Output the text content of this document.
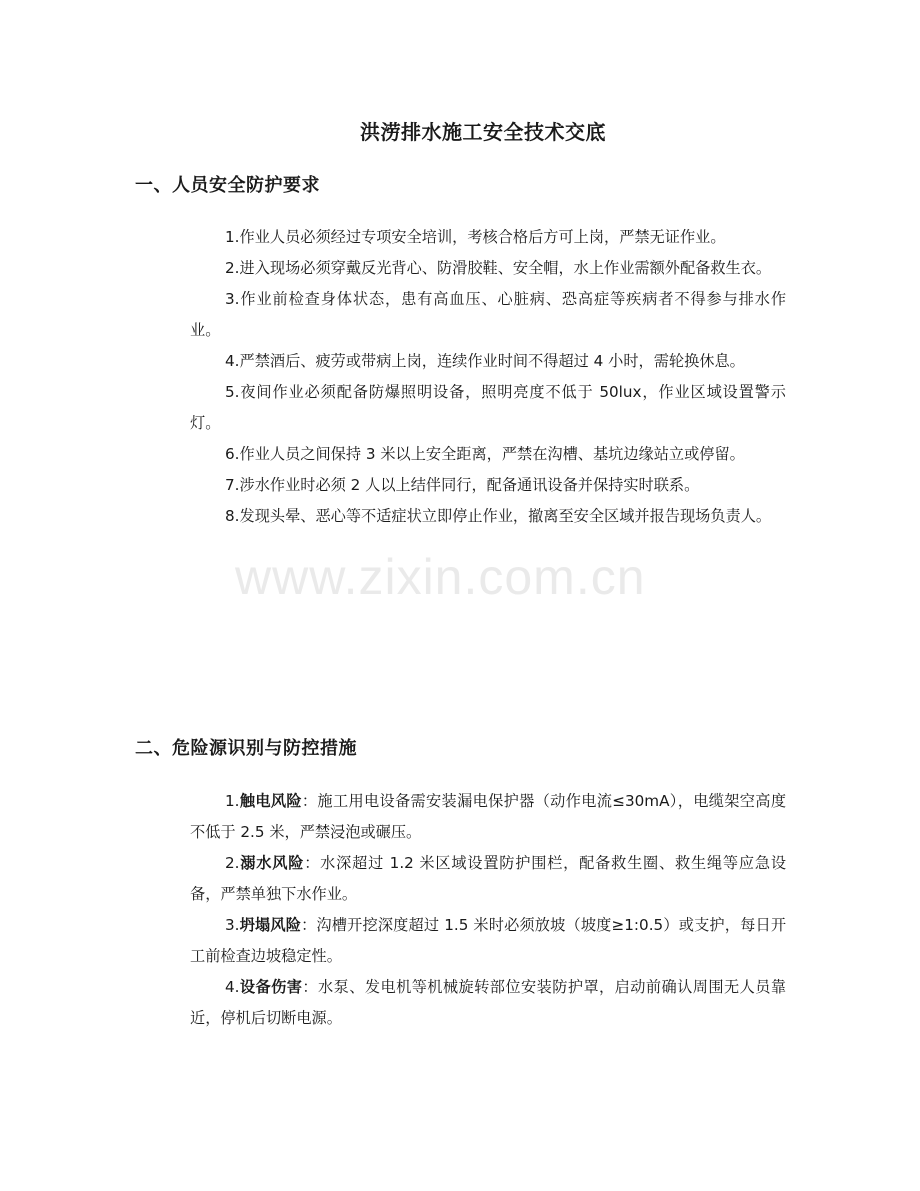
www.zixin.com.cn
洪涝排水施工安全技术交底
一、人员安全防护要求
1.作业人员必须经过专项安全培训，考核合格后方可上岗，严禁无证作业。
2.进入现场必须穿戴反光背心、防滑胶鞋、安全帽，水上作业需额外配备救生衣。
3.作业前检查身体状态，患有高血压、心脏病、恐高症等疾病者不得参与排水作业。
4.严禁酒后、疲劳或带病上岗，连续作业时间不得超过 4 小时，需轮换休息。
5.夜间作业必须配备防爆照明设备，照明亮度不低于 50lux，作业区域设置警示灯。
6.作业人员之间保持 3 米以上安全距离，严禁在沟槽、基坑边缘站立或停留。
7.涉水作业时必须 2 人以上结伴同行，配备通讯设备并保持实时联系。
8.发现头晕、恶心等不适症状立即停止作业，撤离至安全区域并报告现场负责人。
二、危险源识别与防控措施
1.触电风险：施工用电设备需安装漏电保护器（动作电流≤30mA），电缆架空高度不低于 2.5 米，严禁浸泡或碾压。
2.溺水风险：水深超过 1.2 米区域设置防护围栏，配备救生圈、救生绳等应急设备，严禁单独下水作业。
3.坍塌风险：沟槽开挖深度超过 1.5 米时必须放坡（坡度≥1:0.5）或支护，每日开工前检查边坡稳定性。
4.设备伤害：水泵、发电机等机械旋转部位安装防护罩，启动前确认周围无人员靠近，停机后切断电源。
